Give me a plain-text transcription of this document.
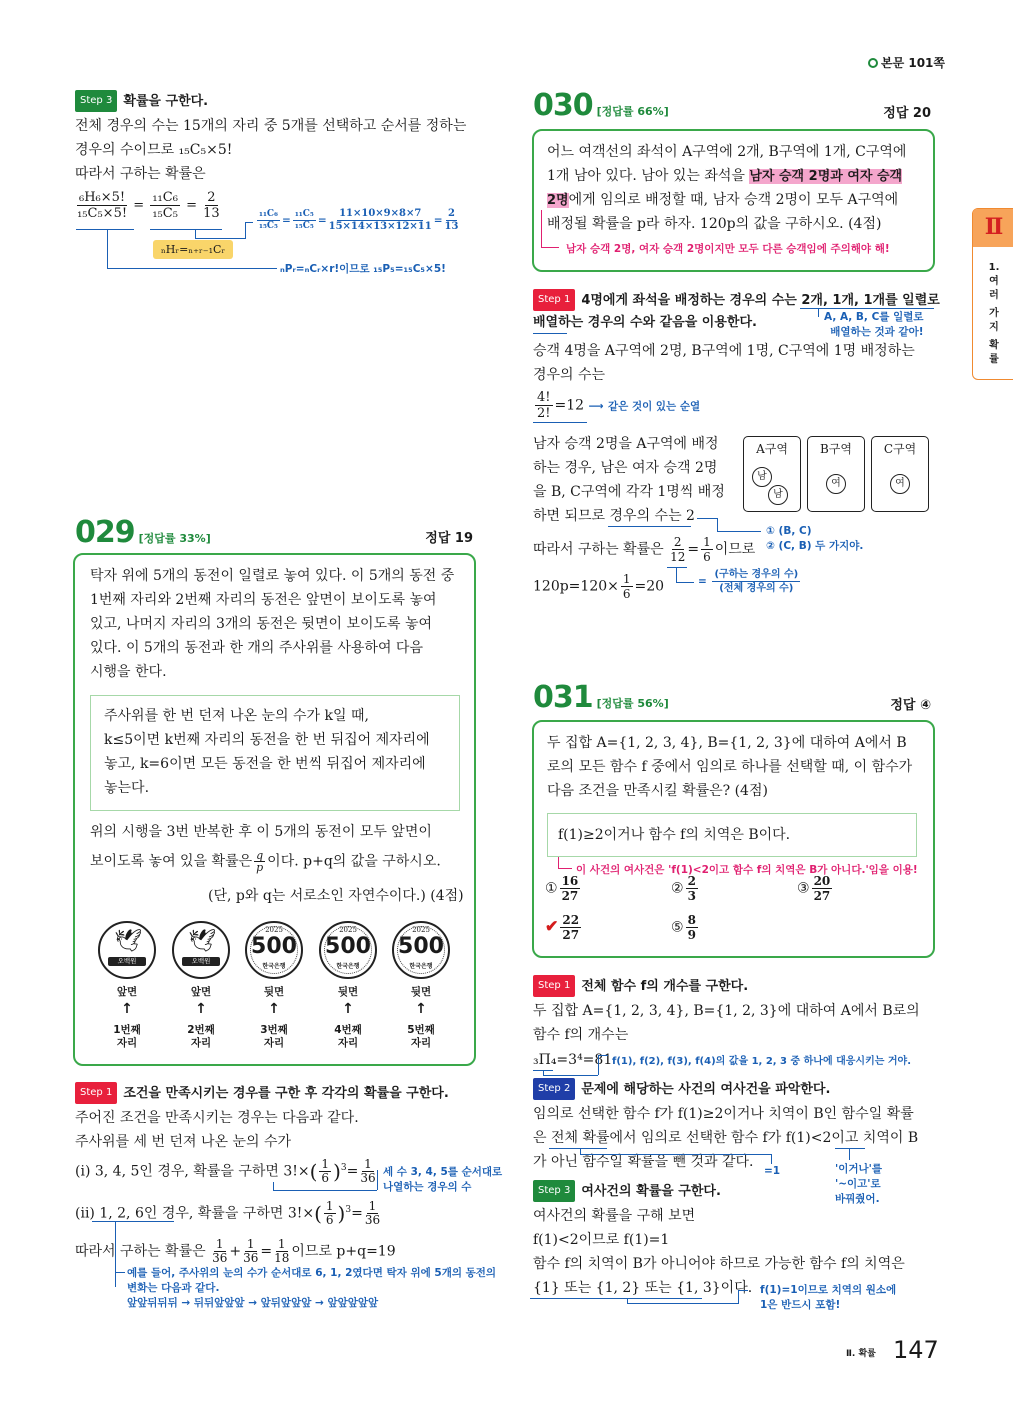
본문 101쪽
Step 3 확률을 구한다.
전체 경우의 수는 15개의 자리 중 5개를 선택하고 순서를 정하는
경우의 수이므로 ₁₅C₅×5!
따라서 구하는 확률은
$\frac{\text{₆H₆×5!}}{\text{₁₅C₅×5!}} = \frac{\text{₁₁C₆}}{\text{₁₅C₅}} = \frac{2}{13}$	$\frac{\text{₁₁C₆}}{\text{₁₅C₅}} = \frac{\text{₁₁C₅}}{\text{₁₅C₅}} = \frac{11\times 10\times 9\times 8\times 7}{15\times 14\times 13\times 12\times 11} = \frac{2}{13}$
ₙHᵣ=ₙ₊ᵣ₋₁Cᵣ
ₙPᵣ=ₙCᵣ×r!이므로 ₁₅P₅=₁₅C₅×5!
029 [정답률 33%]	정답 19
탁자 위에 5개의 동전이 일렬로 놓여 있다. 이 5개의 동전 중
1번째 자리와 2번째 자리의 동전은 앞면이 보이도록 놓여
있고, 나머지 자리의 3개의 동전은 뒷면이 보이도록 놓여
있다. 이 5개의 동전과 한 개의 주사위를 사용하여 다음
시행을 한다.
주사위를 한 번 던져 나온 눈의 수가 k일 때,
k≤5이면 k번째 자리의 동전을 한 번 뒤집어 제자리에
놓고, k=6이면 모든 동전을 한 번씩 뒤집어 제자리에
놓는다.
위의 시행을 3번 반복한 후 이 5개의 동전이 모두 앞면이
보이도록 놓여 있을 확률은 $\frac{q}{p}$ 이다. p+q의 값을 구하시오.
(단, p와 q는 서로소인 자연수이다.) (4점)
🕊
오백원
🕊
오백원
2025
500
한국은행
2025
500
한국은행
2025
500
한국은행
앞면	앞면	뒷면	뒷면	뒷면
↑	↑	↑	↑	↑
1번째
자리
2번째
자리
3번째
자리
4번째
자리
5번째
자리
Step 1 조건을 만족시키는 경우를 구한 후 각각의 확률을 구한다.
주어진 조건을 만족시키는 경우는 다음과 같다.
주사위를 세 번 던져 나온 눈의 수가
(ⅰ) 3, 4, 5인 경우, 확률을 구하면 $3!\times( \frac{1}{6} )^3= \frac{1}{36}$ 세 수 3, 4, 5를 순서대로
나열하는 경우의 수
(ⅱ) 1, 2, 6인 경우, 확률을 구하면 $3!\times( \frac{1}{6} )^3= \frac{1}{36}$
따라서 구하는 확률은 $\frac{1}{36} + \frac{1}{36} = \frac{1}{18}$ 이므로 p+q=19
예를 들어, 주사위의 눈의 수가 순서대로 6, 1, 2였다면 탁자 위에 5개의 동전의
변화는 다음과 같다.
앞앞뒤뒤뒤 → 뒤뒤앞앞앞 → 앞뒤앞앞앞 → 앞앞앞앞앞
030 [정답률 66%]	정답 20
어느 여객선의 좌석이 A구역에 2개, B구역에 1개, C구역에
1개 남아 있다. 남아 있는 좌석을 남자 승객 2명과 여자 승객
2명에게 임의로 배정할 때, 남자 승객 2명이 모두 A구역에
배정될 확률을 p라 하자. 120p의 값을 구하시오. (4점)
남자 승객 2명, 여자 승객 2명이지만 모두 다른 승객임에 주의해야 해!
Step 1 4명에게 좌석을 배정하는 경우의 수는 2개, 1개, 1개를 일렬로
배열하는 경우의 수와 같음을 이용한다.	A, A, B, C를 일렬로
배열하는 것과 같아!
승객 4명을 A구역에 2명, B구역에 1명, C구역에 1명 배정하는
경우의 수는
$\frac{4!}{2!} =12$ ⟶ 같은 것이 있는 순열
남자 승객 2명을 A구역에 배정
하는 경우, 남은 여자 승객 2명
을 B, C구역에 각각 1명씩 배정
하면 되므로 경우의 수는 2
A구역
남
남
B구역
여
C구역
여
① (B, C)
② (C, B) 두 가지야.
따라서 구하는 확률은 $\frac{2}{12} = \frac{1}{6}$ 이므로
$120p=120\times \frac{1}{6} =20$	= $\frac{\text{(구하는 경우의 수)}}{\text{(전체 경우의 수)}}$
031 [정답률 56%]	정답 ④
두 집합 A={1, 2, 3, 4}, B={1, 2, 3}에 대하여 A에서 B
로의 모든 함수 f 중에서 임의로 하나를 선택할 때, 이 함수가
다음 조건을 만족시킬 확률은? (4점)
f(1)≥2이거나 함수 f의 치역은 B이다.
이 사건의 여사건은 'f(1)<2이고 함수 f의 치역은 B가 아니다.'임을 이용!
① $\frac{16}{27}$	② $\frac{2}{3}$	③ $\frac{20}{27}$
✔ $\frac{22}{27}$	⑤ $\frac{8}{9}$
Step 1 전체 함수 f의 개수를 구한다.
두 집합 A={1, 2, 3, 4}, B={1, 2, 3}에 대하여 A에서 B로의
함수 f의 개수는
₃Π₄=3⁴=81 f(1), f(2), f(3), f(4)의 값을 1, 2, 3 중 하나에 대응시키는 거야.
Step 2 문제에 해당하는 사건의 여사건을 파악한다.
임의로 선택한 함수 f가 f(1)≥2이거나 치역이 B인 함수일 확률
은 전체 확률에서 임의로 선택한 함수 f가 f(1)<2이고 치역이 B
가 아닌 함수일 확률을 뺀 것과 같다.
=1	'이거나'를
'~이고'로
바꿔줬어.
Step 3 여사건의 확률을 구한다.
여사건의 확률을 구해 보면
f(1)<2이므로 f(1)=1
함수 f의 치역이 B가 아니어야 하므로 가능한 함수 f의 치역은
{1} 또는 {1, 2} 또는 {1, 3}이다. f(1)=1이므로 치역의 원소에
1은 반드시 포함!
Ⅱ
1.
여
러
가
지
확
률
Ⅱ. 확률 147
